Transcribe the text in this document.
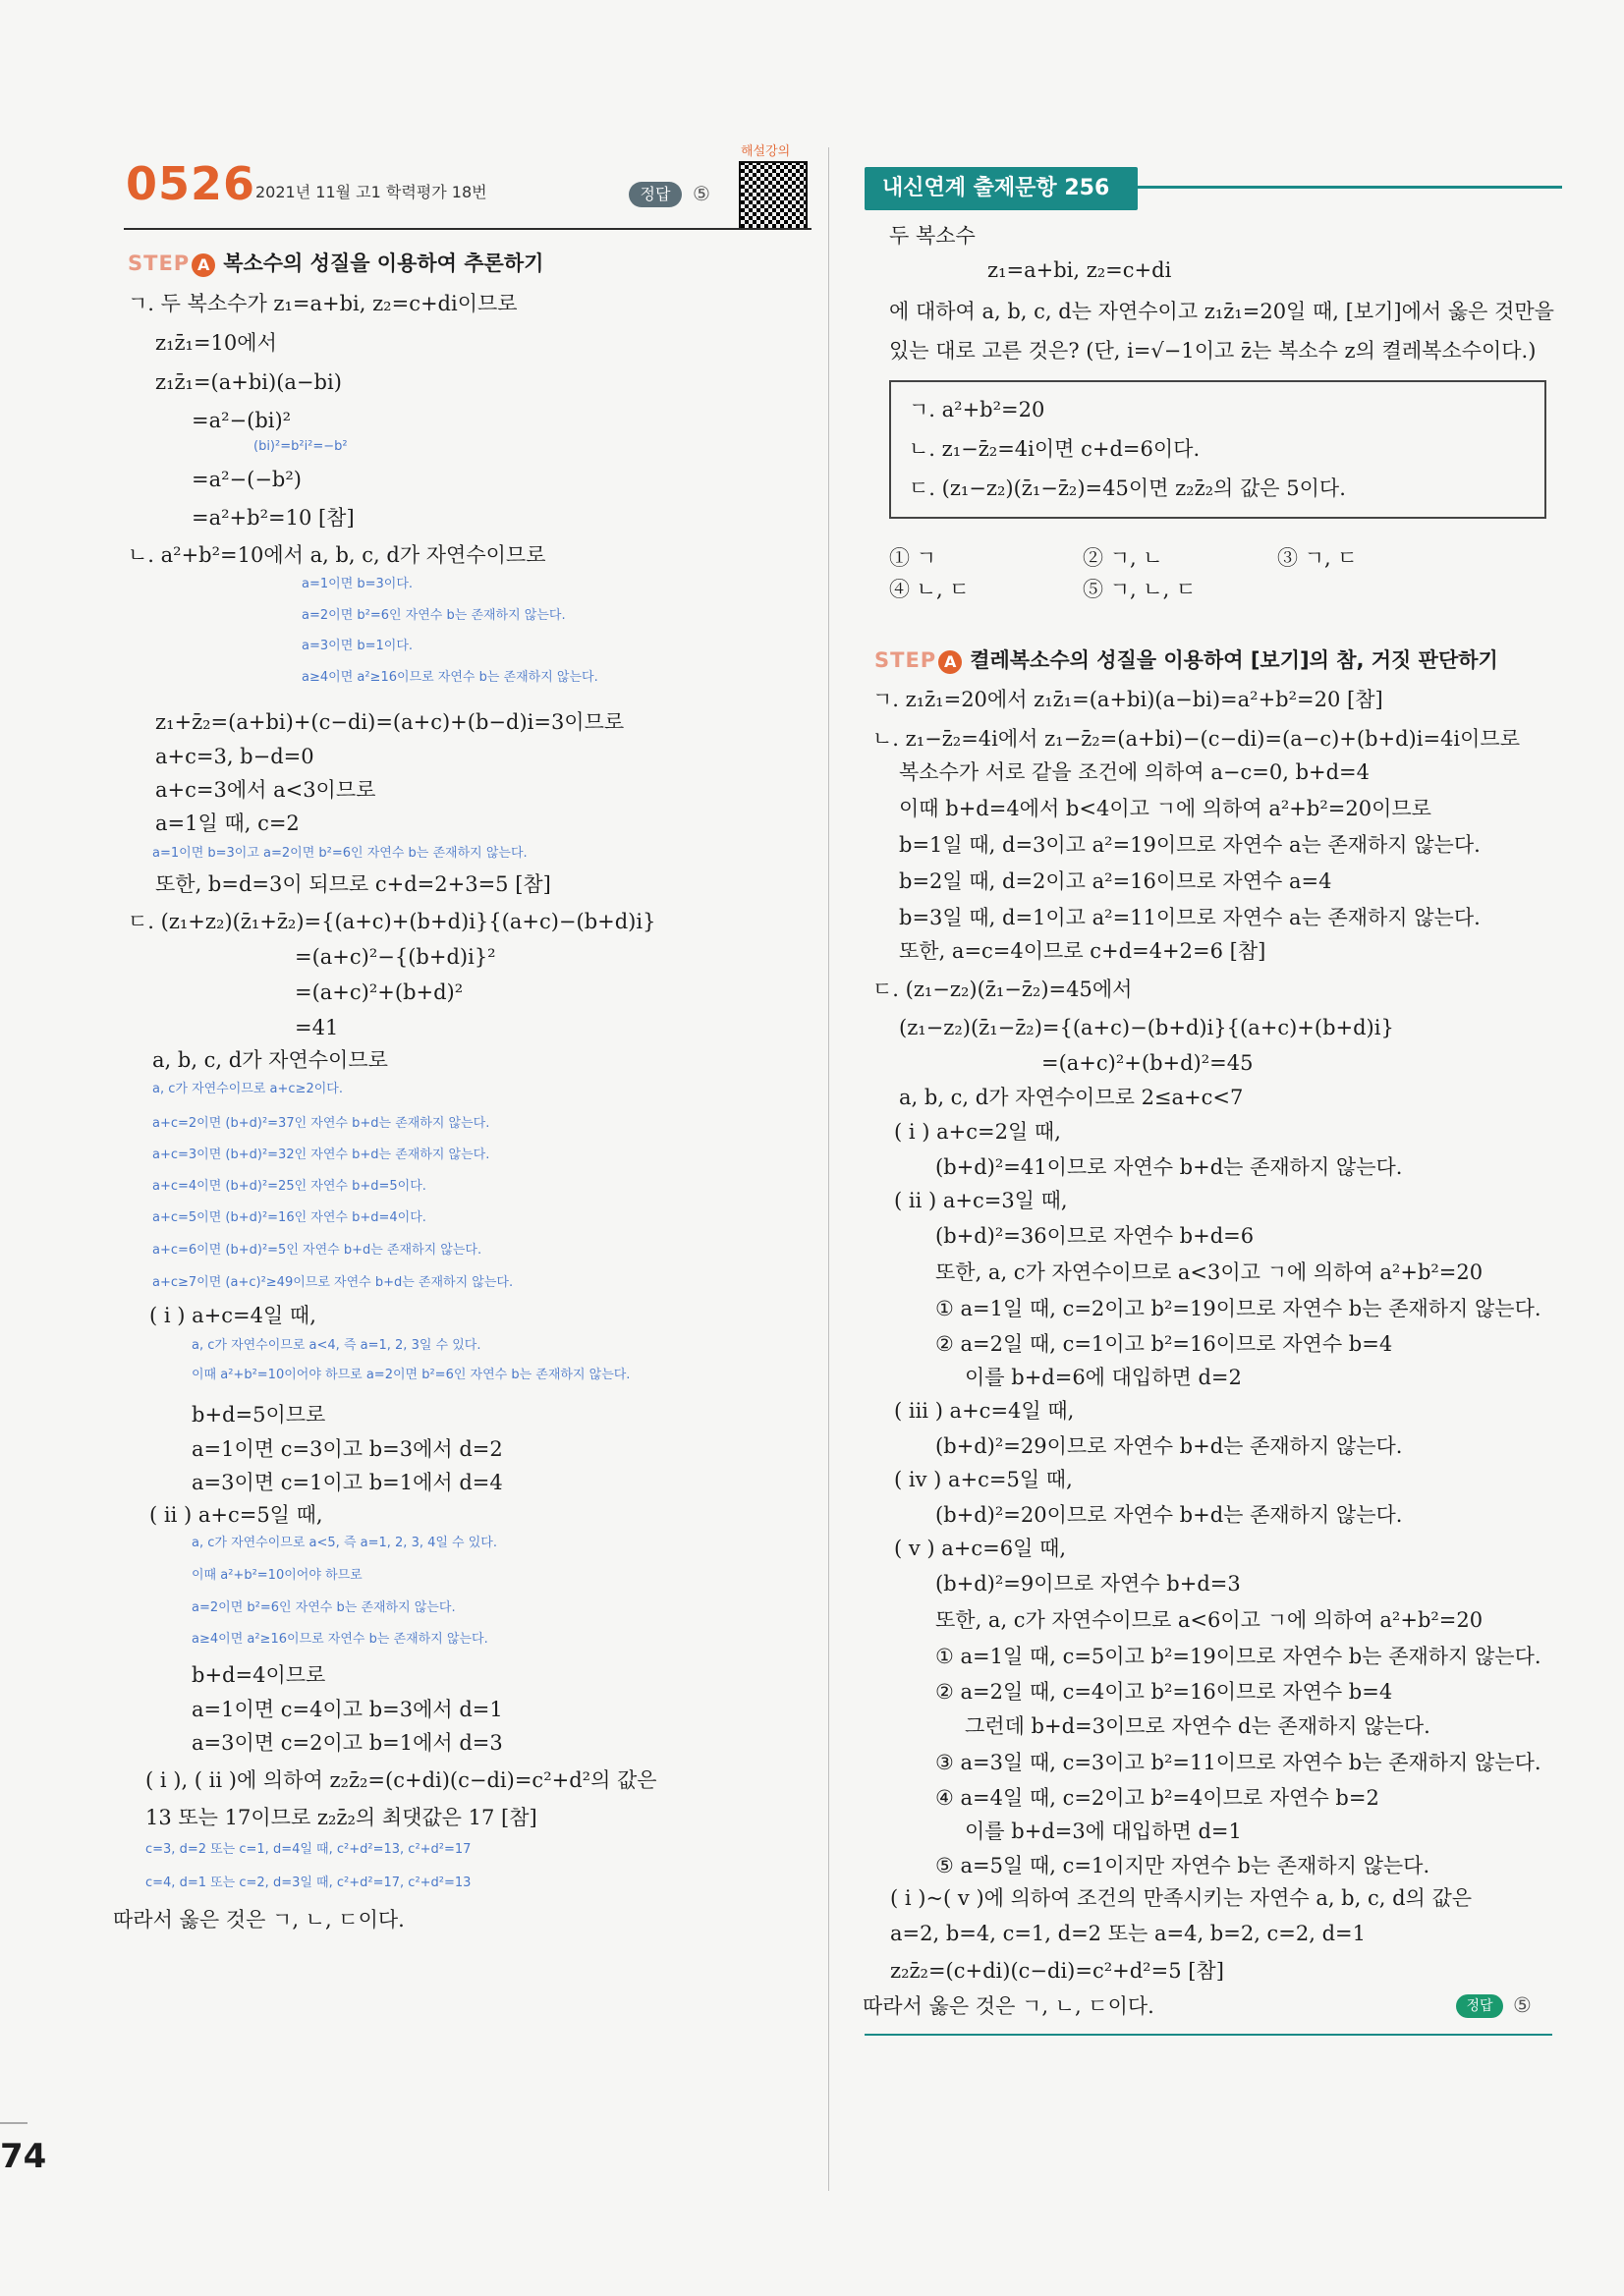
0526 2021년 11월 고1 학력평가 18번	정답	⑤
해설강의
STEP A 복소수의 성질을 이용하여 추론하기
ㄱ. 두 복소수가 z₁=a+bi, z₂=c+di이므로
z₁z̄₁=10에서
z₁z̄₁=(a+bi)(a−bi)
=a²−(bi)²
(bi)²=b²i²=−b²
=a²−(−b²)
=a²+b²=10 [참]
ㄴ. a²+b²=10에서 a, b, c, d가 자연수이므로
a=1이면 b=3이다.
a=2이면 b²=6인 자연수 b는 존재하지 않는다.
a=3이면 b=1이다.
a≥4이면 a²≥16이므로 자연수 b는 존재하지 않는다.
z₁+z̄₂=(a+bi)+(c−di)=(a+c)+(b−d)i=3이므로
a+c=3, b−d=0
a+c=3에서 a<3이므로
a=1일 때, c=2
a=1이면 b=3이고 a=2이면 b²=6인 자연수 b는 존재하지 않는다.
또한, b=d=3이 되므로 c+d=2+3=5 [참]
ㄷ. (z₁+z₂)(z̄₁+z̄₂)={(a+c)+(b+d)i}{(a+c)−(b+d)i}
=(a+c)²−{(b+d)i}²
=(a+c)²+(b+d)²
=41
a, b, c, d가 자연수이므로
a, c가 자연수이므로 a+c≥2이다.
a+c=2이면 (b+d)²=37인 자연수 b+d는 존재하지 않는다.
a+c=3이면 (b+d)²=32인 자연수 b+d는 존재하지 않는다.
a+c=4이면 (b+d)²=25인 자연수 b+d=5이다.
a+c=5이면 (b+d)²=16인 자연수 b+d=4이다.
a+c=6이면 (b+d)²=5인 자연수 b+d는 존재하지 않는다.
a+c≥7이면 (a+c)²≥49이므로 자연수 b+d는 존재하지 않는다.
( i ) a+c=4일 때,
a, c가 자연수이므로 a<4, 즉 a=1, 2, 3일 수 있다.
이때 a²+b²=10이어야 하므로 a=2이면 b²=6인 자연수 b는 존재하지 않는다.
b+d=5이므로
a=1이면 c=3이고 b=3에서 d=2
a=3이면 c=1이고 b=1에서 d=4
( ii ) a+c=5일 때,
a, c가 자연수이므로 a<5, 즉 a=1, 2, 3, 4일 수 있다.
이때 a²+b²=10이어야 하므로
a=2이면 b²=6인 자연수 b는 존재하지 않는다.
a≥4이면 a²≥16이므로 자연수 b는 존재하지 않는다.
b+d=4이므로
a=1이면 c=4이고 b=3에서 d=1
a=3이면 c=2이고 b=1에서 d=3
( i ), ( ii )에 의하여 z₂z̄₂=(c+di)(c−di)=c²+d²의 값은
13 또는 17이므로 z₂z̄₂의 최댓값은 17 [참]
c=3, d=2 또는 c=1, d=4일 때, c²+d²=13, c²+d²=17
c=4, d=1 또는 c=2, d=3일 때, c²+d²=17, c²+d²=13
따라서 옳은 것은 ㄱ, ㄴ, ㄷ이다.
내신연계 출제문항 256
두 복소수
z₁=a+bi, z₂=c+di
에 대하여 a, b, c, d는 자연수이고 z₁z̄₁=20일 때, [보기]에서 옳은 것만을
있는 대로 고른 것은? (단, i=√−1이고 z̄는 복소수 z의 켤레복소수이다.)
ㄱ. a²+b²=20
ㄴ. z₁−z̄₂=4i이면 c+d=6이다.
ㄷ. (z₁−z₂)(z̄₁−z̄₂)=45이면 z₂z̄₂의 값은 5이다.
① ㄱ	② ㄱ, ㄴ	③ ㄱ, ㄷ
④ ㄴ, ㄷ	⑤ ㄱ, ㄴ, ㄷ
STEP A 켤레복소수의 성질을 이용하여 [보기]의 참, 거짓 판단하기
ㄱ. z₁z̄₁=20에서 z₁z̄₁=(a+bi)(a−bi)=a²+b²=20 [참]
ㄴ. z₁−z̄₂=4i에서 z₁−z̄₂=(a+bi)−(c−di)=(a−c)+(b+d)i=4i이므로
복소수가 서로 같을 조건에 의하여 a−c=0, b+d=4
이때 b+d=4에서 b<4이고 ㄱ에 의하여 a²+b²=20이므로
b=1일 때, d=3이고 a²=19이므로 자연수 a는 존재하지 않는다.
b=2일 때, d=2이고 a²=16이므로 자연수 a=4
b=3일 때, d=1이고 a²=11이므로 자연수 a는 존재하지 않는다.
또한, a=c=4이므로 c+d=4+2=6 [참]
ㄷ. (z₁−z₂)(z̄₁−z̄₂)=45에서
(z₁−z₂)(z̄₁−z̄₂)={(a+c)−(b+d)i}{(a+c)+(b+d)i}
=(a+c)²+(b+d)²=45
a, b, c, d가 자연수이므로 2≤a+c<7
( i ) a+c=2일 때,
(b+d)²=41이므로 자연수 b+d는 존재하지 않는다.
( ii ) a+c=3일 때,
(b+d)²=36이므로 자연수 b+d=6
또한, a, c가 자연수이므로 a<3이고 ㄱ에 의하여 a²+b²=20
① a=1일 때, c=2이고 b²=19이므로 자연수 b는 존재하지 않는다.
② a=2일 때, c=1이고 b²=16이므로 자연수 b=4
이를 b+d=6에 대입하면 d=2
( iii ) a+c=4일 때,
(b+d)²=29이므로 자연수 b+d는 존재하지 않는다.
( iv ) a+c=5일 때,
(b+d)²=20이므로 자연수 b+d는 존재하지 않는다.
( v ) a+c=6일 때,
(b+d)²=9이므로 자연수 b+d=3
또한, a, c가 자연수이므로 a<6이고 ㄱ에 의하여 a²+b²=20
① a=1일 때, c=5이고 b²=19이므로 자연수 b는 존재하지 않는다.
② a=2일 때, c=4이고 b²=16이므로 자연수 b=4
그런데 b+d=3이므로 자연수 d는 존재하지 않는다.
③ a=3일 때, c=3이고 b²=11이므로 자연수 b는 존재하지 않는다.
④ a=4일 때, c=2이고 b²=4이므로 자연수 b=2
이를 b+d=3에 대입하면 d=1
⑤ a=5일 때, c=1이지만 자연수 b는 존재하지 않는다.
( i )~( v )에 의하여 조건의 만족시키는 자연수 a, b, c, d의 값은
a=2, b=4, c=1, d=2 또는 a=4, b=2, c=2, d=1
z₂z̄₂=(c+di)(c−di)=c²+d²=5 [참]
따라서 옳은 것은 ㄱ, ㄴ, ㄷ이다.	정답 ⑤
74
